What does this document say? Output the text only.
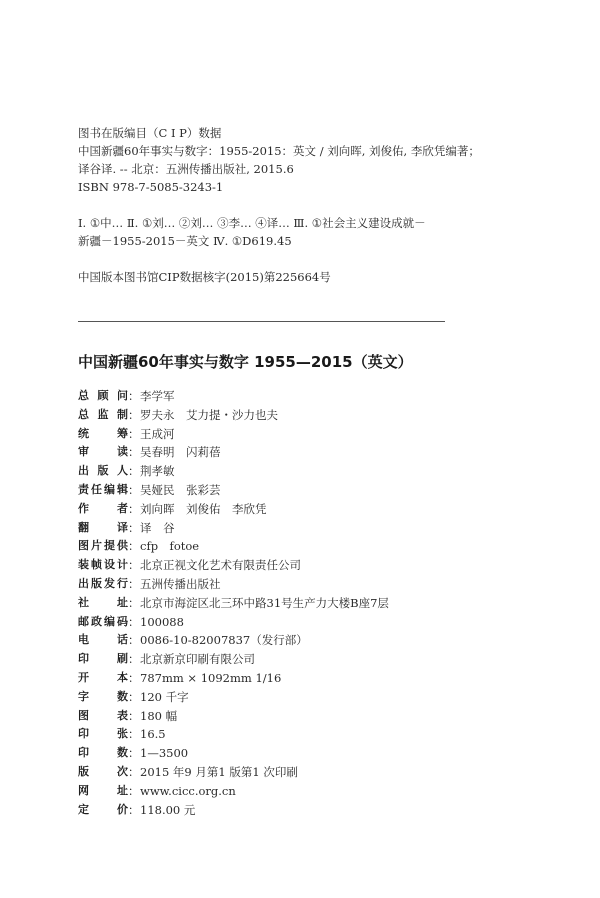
图书在版编目（C I P）数据
中国新疆60年事实与数字：1955-2015：英文 / 刘向晖, 刘俊佑, 李欣凭编著；
译谷译. -- 北京：五洲传播出版社, 2015.6
ISBN 978-7-5085-3243-1
Ⅰ. ①中… Ⅱ. ①刘… ②刘… ③李… ④译… Ⅲ. ①社会主义建设成就－
新疆－1955-2015－英文 Ⅳ. ①D619.45
中国版本图书馆CIP数据核字(2015)第225664号
中国新疆60年事实与数字 1955—2015（英文）
总 顾 问 ： 李学军
总 监 制 ： 罗夫永　艾力提・沙力也夫
统	筹 ： 王成河
审	读 ： 吴春明　闪莉蓓
出 版 人 ： 荆孝敏
责 任 编 辑 ： 吴娅民　张彩芸
作	者 ： 刘向晖　刘俊佑　李欣凭
翻	译 ： 译　谷
图 片 提 供 ： cfp　fotoe
装 帧 设 计 ： 北京正视文化艺术有限责任公司
出 版 发 行 ： 五洲传播出版社
社	址 ： 北京市海淀区北三环中路31号生产力大楼B座7层
邮 政 编 码 ： 100088
电	话 ： 0086-10-82007837（发行部）
印	刷 ： 北京新京印刷有限公司
开	本 ： 787mm × 1092mm 1/16
字	数 ： 120 千字
图	表 ： 180 幅
印	张 ： 16.5
印	数 ： 1—3500
版	次 ： 2015 年9 月第1 版第1 次印刷
网	址 ： www.cicc.org.cn
定	价 ： 118.00 元
